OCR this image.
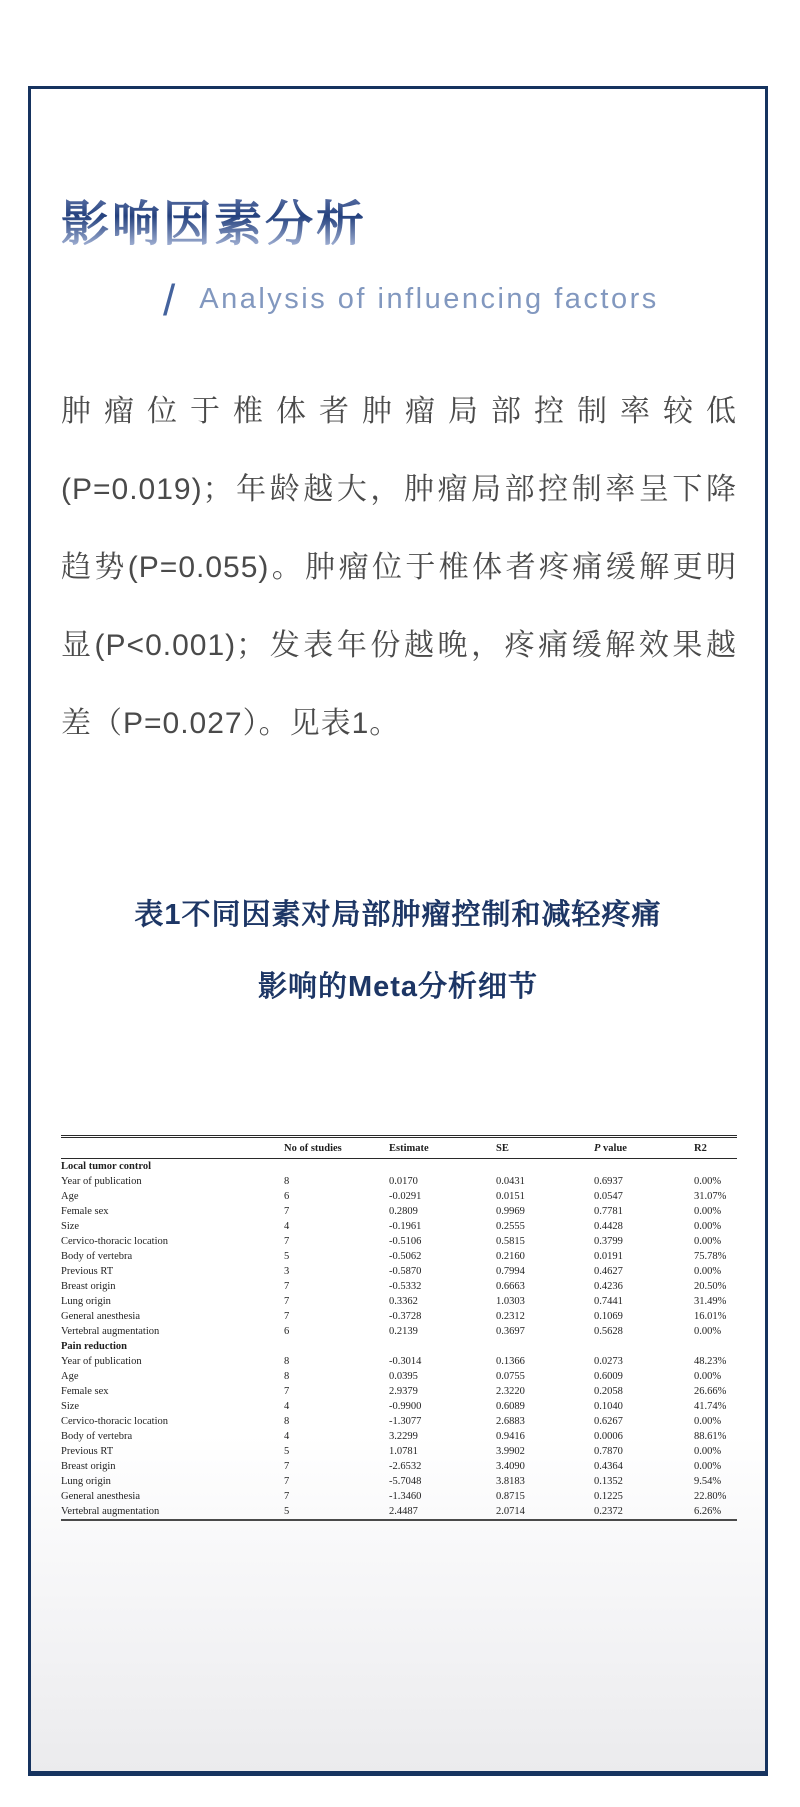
影响因素分析
/ Analysis of influencing factors
肿瘤位于椎体者肿瘤局部控制率较低
(P=0.019)；年龄越大，肿瘤局部控制率呈下降
趋势(P=0.055)。肿瘤位于椎体者疼痛缓解更明
显(P<0.001)；发表年份越晚，疼痛缓解效果越
差（P=0.027）。见表1。
表1不同因素对局部肿瘤控制和减轻疼痛
影响的Meta分析细节
	No of studies	Estimate	SE	P value	R2
Local tumor control					
Year of publication	8	0.0170	0.0431	0.6937	0.00%
Age	6	-0.0291	0.0151	0.0547	31.07%
Female sex	7	0.2809	0.9969	0.7781	0.00%
Size	4	-0.1961	0.2555	0.4428	0.00%
Cervico-thoracic location	7	-0.5106	0.5815	0.3799	0.00%
Body of vertebra	5	-0.5062	0.2160	0.0191	75.78%
Previous RT	3	-0.5870	0.7994	0.4627	0.00%
Breast origin	7	-0.5332	0.6663	0.4236	20.50%
Lung origin	7	0.3362	1.0303	0.7441	31.49%
General anesthesia	7	-0.3728	0.2312	0.1069	16.01%
Vertebral augmentation	6	0.2139	0.3697	0.5628	0.00%
Pain reduction					
Year of publication	8	-0.3014	0.1366	0.0273	48.23%
Age	8	0.0395	0.0755	0.6009	0.00%
Female sex	7	2.9379	2.3220	0.2058	26.66%
Size	4	-0.9900	0.6089	0.1040	41.74%
Cervico-thoracic location	8	-1.3077	2.6883	0.6267	0.00%
Body of vertebra	4	3.2299	0.9416	0.0006	88.61%
Previous RT	5	1.0781	3.9902	0.7870	0.00%
Breast origin	7	-2.6532	3.4090	0.4364	0.00%
Lung origin	7	-5.7048	3.8183	0.1352	9.54%
General anesthesia	7	-1.3460	0.8715	0.1225	22.80%
Vertebral augmentation	5	2.4487	2.0714	0.2372	6.26%
